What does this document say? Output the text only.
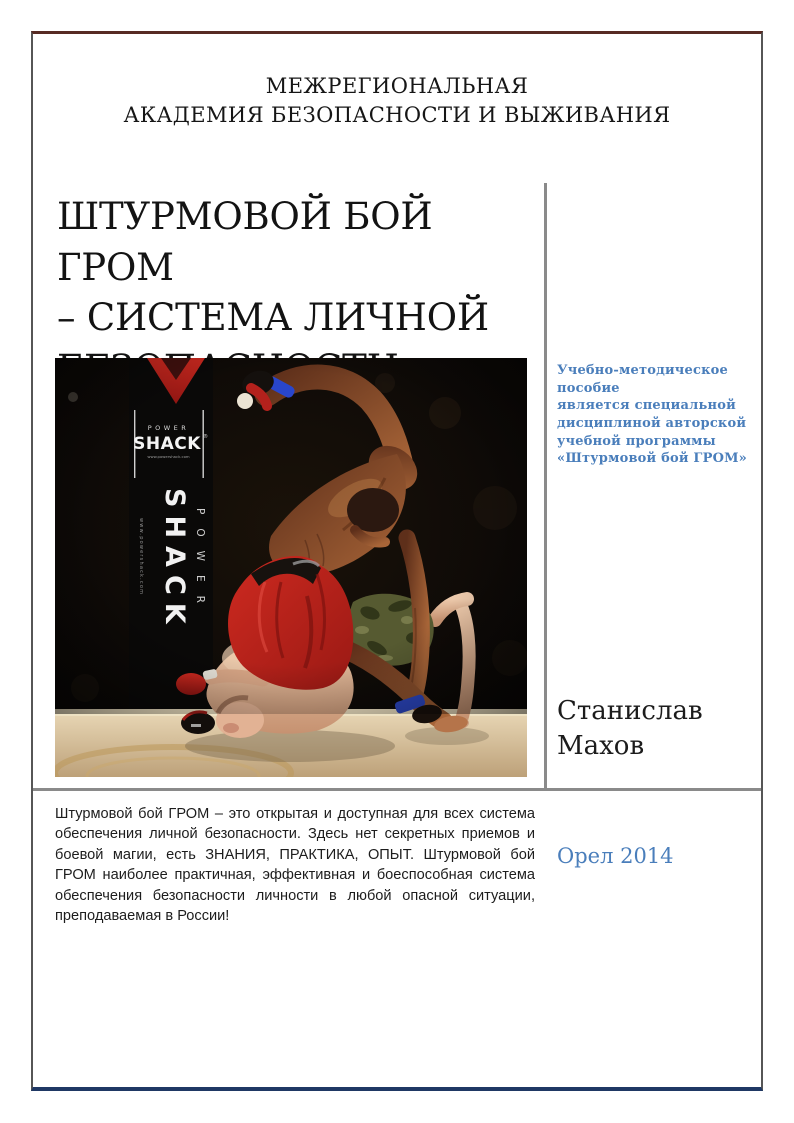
МЕЖРЕГИОНАЛЬНАЯ
АКАДЕМИЯ БЕЗОПАСНОСТИ И ВЫЖИВАНИЯ
ШТУРМОВОЙ БОЙ ГРОМ
– СИСТЕМА ЛИЧНОЙ
Учебно-методическое
пособие
является специальной
дисциплиной авторской
учебной программы
«Штурмовой бой ГРОМ»
Станислав
Махов
Штурмовой бой ГРОМ – это открытая и доступная для всех система обеспечения личной безопасности. Здесь нет секретных приемов и боевой магии, есть ЗНАНИЯ, ПРАКТИКА, ОПЫТ. Штурмовой бой ГРОМ наиболее практичная, эффективная и боеспособная система обеспечения безопасности личности в любой опасной ситуации, преподаваемая в России!
Орел 2014
